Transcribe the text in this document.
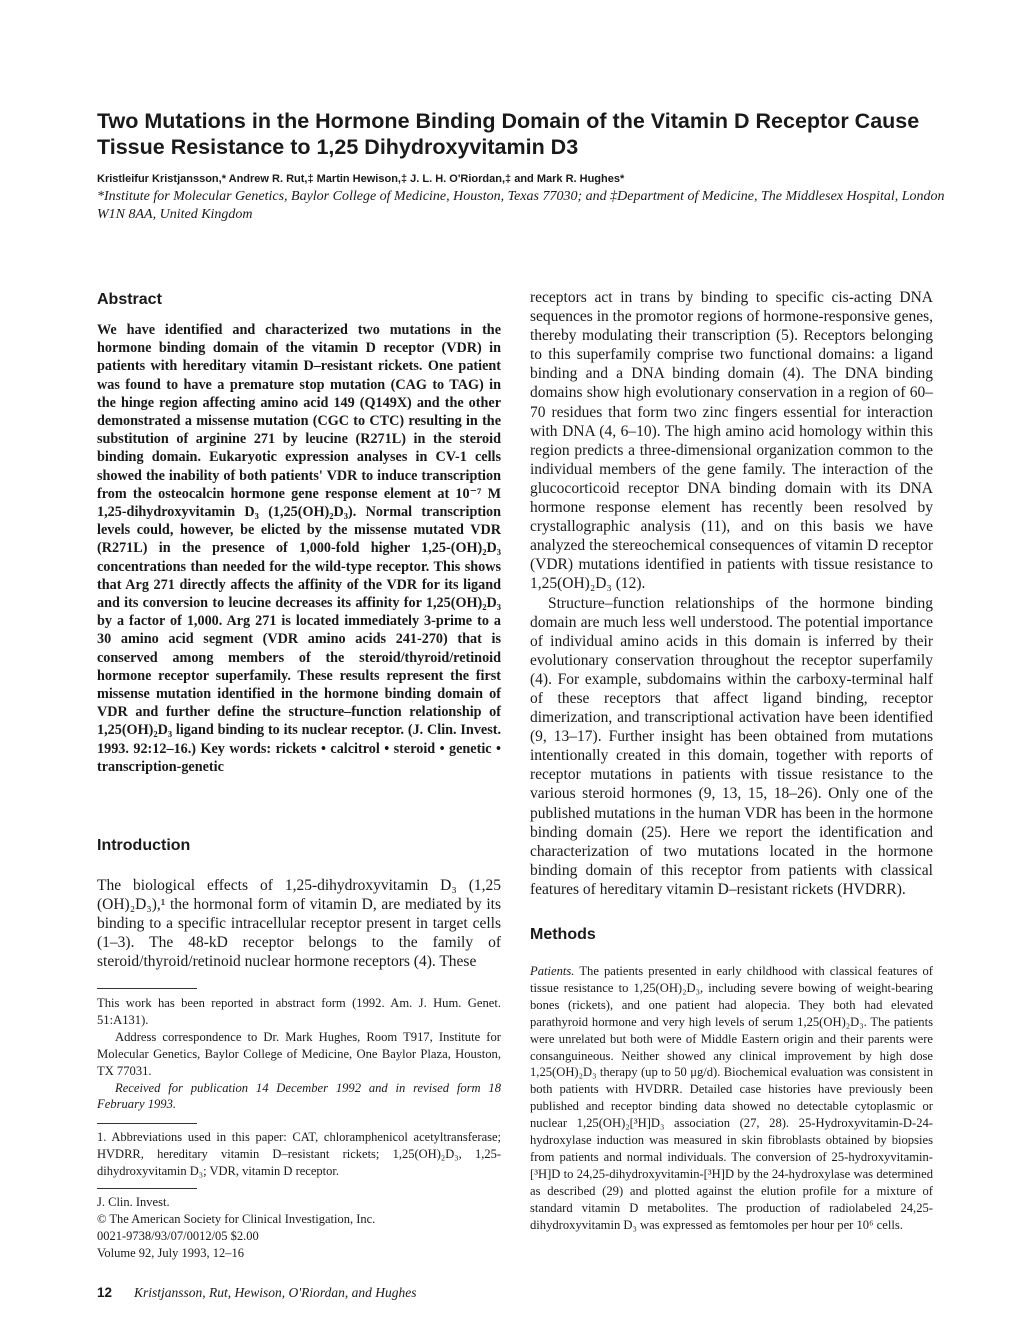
Two Mutations in the Hormone Binding Domain of the Vitamin D Receptor Cause Tissue Resistance to 1,25 Dihydroxyvitamin D3
Kristleifur Kristjansson,* Andrew R. Rut,‡ Martin Hewison,‡ J. L. H. O'Riordan,‡ and Mark R. Hughes*
*Institute for Molecular Genetics, Baylor College of Medicine, Houston, Texas 77030; and ‡Department of Medicine, The Middlesex Hospital, London W1N 8AA, United Kingdom
Abstract
We have identified and characterized two mutations in the hormone binding domain of the vitamin D receptor (VDR) in patients with hereditary vitamin D–resistant rickets. One patient was found to have a premature stop mutation (CAG to TAG) in the hinge region affecting amino acid 149 (Q149X) and the other demonstrated a missense mutation (CGC to CTC) resulting in the substitution of arginine 271 by leucine (R271L) in the steroid binding domain. Eukaryotic expression analyses in CV-1 cells showed the inability of both patients' VDR to induce transcription from the osteocalcin hormone gene response element at 10⁻⁷ M 1,25-dihydroxyvitamin D₃ (1,25(OH)₂D₃). Normal transcription levels could, however, be elicted by the missense mutated VDR (R271L) in the presence of 1,000-fold higher 1,25-(OH)₂D₃ concentrations than needed for the wild-type receptor. This shows that Arg 271 directly affects the affinity of the VDR for its ligand and its conversion to leucine decreases its affinity for 1,25(OH)₂D₃ by a factor of 1,000. Arg 271 is located immediately 3-prime to a 30 amino acid segment (VDR amino acids 241-270) that is conserved among members of the steroid/thyroid/retinoid hormone receptor superfamily. These results represent the first missense mutation identified in the hormone binding domain of VDR and further define the structure–function relationship of 1,25(OH)₂D₃ ligand binding to its nuclear receptor. (J. Clin. Invest. 1993. 92:12–16.) Key words: rickets • calcitrol • steroid • genetic • transcription-genetic
Introduction

The biological effects of 1,25-dihydroxyvitamin D₃ (1,25 (OH)₂D₃),¹ the hormonal form of vitamin D, are mediated by its binding to a specific intracellular receptor present in target cells (1–3). The 48-kD receptor belongs to the family of steroid/thyroid/retinoid nuclear hormone receptors (4). These

This work has been reported in abstract form (1992. Am. J. Hum. Genet. 51:A131).

Address correspondence to Dr. Mark Hughes, Room T917, Institute for Molecular Genetics, Baylor College of Medicine, One Baylor Plaza, Houston, TX 77031.

Received for publication 14 December 1992 and in revised form 18 February 1993.

1. Abbreviations used in this paper: CAT, chloramphenicol acetyltransferase; HVDRR, hereditary vitamin D–resistant rickets; 1,25(OH)₂D₃, 1,25-dihydroxyvitamin D₃; VDR, vitamin D receptor.

J. Clin. Invest.

© The American Society for Clinical Investigation, Inc.

0021-9738/93/07/0012/05 $2.00

Volume 92, July 1993, 12–16

receptors act in trans by binding to specific cis-acting DNA sequences in the promotor regions of hormone-responsive genes, thereby modulating their transcription (5). Receptors belonging to this superfamily comprise two functional domains: a ligand binding and a DNA binding domain (4). The DNA binding domains show high evolutionary conservation in a region of 60–70 residues that form two zinc fingers essential for interaction with DNA (4, 6–10). The high amino acid homology within this region predicts a three-dimensional organization common to the individual members of the gene family. The interaction of the glucocorticoid receptor DNA binding domain with its DNA hormone response element has recently been resolved by crystallographic analysis (11), and on this basis we have analyzed the stereochemical consequences of vitamin D receptor (VDR) mutations identified in patients with tissue resistance to 1,25(OH)₂D₃ (12).

Structure–function relationships of the hormone binding domain are much less well understood. The potential importance of individual amino acids in this domain is inferred by their evolutionary conservation throughout the receptor superfamily (4). For example, subdomains within the carboxy-terminal half of these receptors that affect ligand binding, receptor dimerization, and transcriptional activation have been identified (9, 13–17). Further insight has been obtained from mutations intentionally created in this domain, together with reports of receptor mutations in patients with tissue resistance to the various steroid hormones (9, 13, 15, 18–26). Only one of the published mutations in the human VDR has been in the hormone binding domain (25). Here we report the identification and characterization of two mutations located in the hormone binding domain of this receptor from patients with classical features of hereditary vitamin D–resistant rickets (HVDRR).

Methods

Patients. The patients presented in early childhood with classical features of tissue resistance to 1,25(OH)₂D₃, including severe bowing of weight-bearing bones (rickets), and one patient had alopecia. They both had elevated parathyroid hormone and very high levels of serum 1,25(OH)₂D₃. The patients were unrelated but both were of Middle Eastern origin and their parents were consanguineous. Neither showed any clinical improvement by high dose 1,25(OH)₂D₃ therapy (up to 50 μg/d). Biochemical evaluation was consistent in both patients with HVDRR. Detailed case histories have previously been published and receptor binding data showed no detectable cytoplasmic or nuclear 1,25(OH)₂[³H]D₃ association (27, 28). 25-Hydroxyvitamin-D-24-hydroxylase induction was measured in skin fibroblasts obtained by biopsies from patients and normal individuals. The conversion of 25-hydroxyvitamin-[³H]D to 24,25-dihydroxyvitamin-[³H]D by the 24-hydroxylase was determined as described (29) and plotted against the elution profile for a mixture of standard vitamin D metabolites. The production of radiolabeled 24,25-dihydroxyvitamin D₃ was expressed as femtomoles per hour per 10⁶ cells.

12 Kristjansson, Rut, Hewison, O'Riordan, and Hughes
